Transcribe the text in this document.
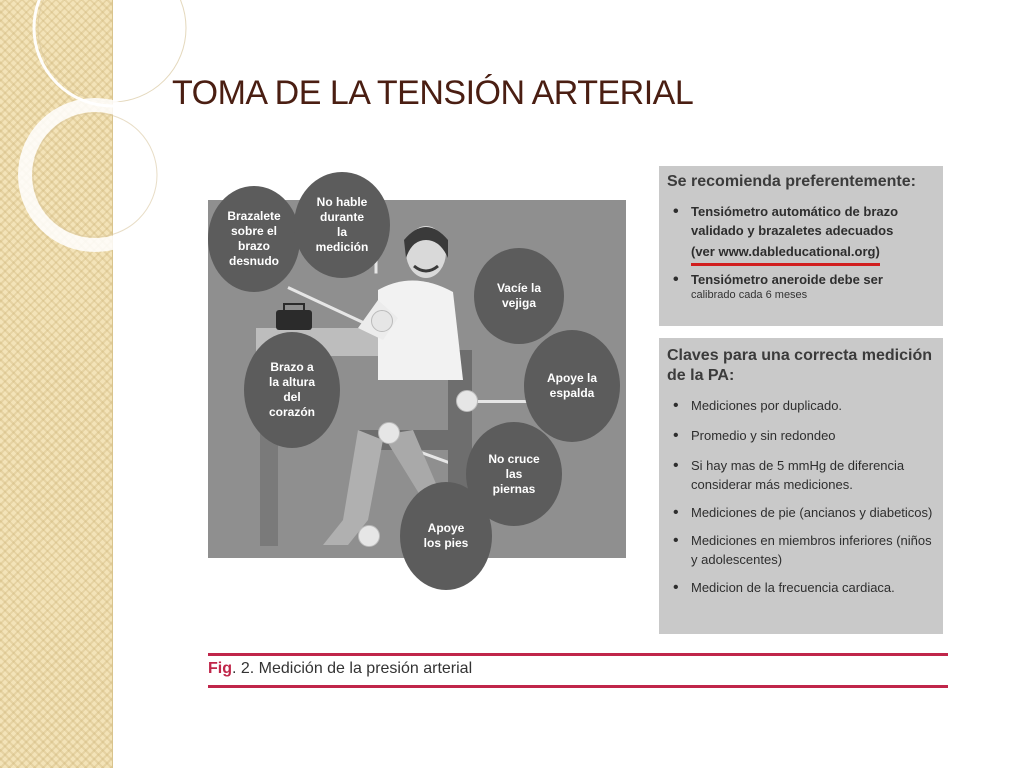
TOMA DE LA TENSIÓN ARTERIAL
Brazalete
sobre el
brazo
desnudo
No hable
durante
la
medición
Vacíe la
vejiga
Brazo a
la altura
del
corazón
Apoye la
espalda
No cruce
las
piernas
Apoye
los pies
Se recomienda preferentemente:
• Tensiómetro automático de brazo validado y brazaletes adecuados
(ver www.dableducational.org)
• Tensiómetro aneroide debe ser
calibrado cada 6 meses
Claves para una correcta medición de la PA:
• Mediciones por duplicado.
• Promedio y sin redondeo
• Si hay mas de 5 mmHg de diferencia considerar más mediciones.
• Mediciones de pie (ancianos y diabeticos)
• Mediciones en miembros inferiores (niños y adolescentes)
• Medicion de la frecuencia cardiaca.
Fig. 2. Medición de la presión arterial
